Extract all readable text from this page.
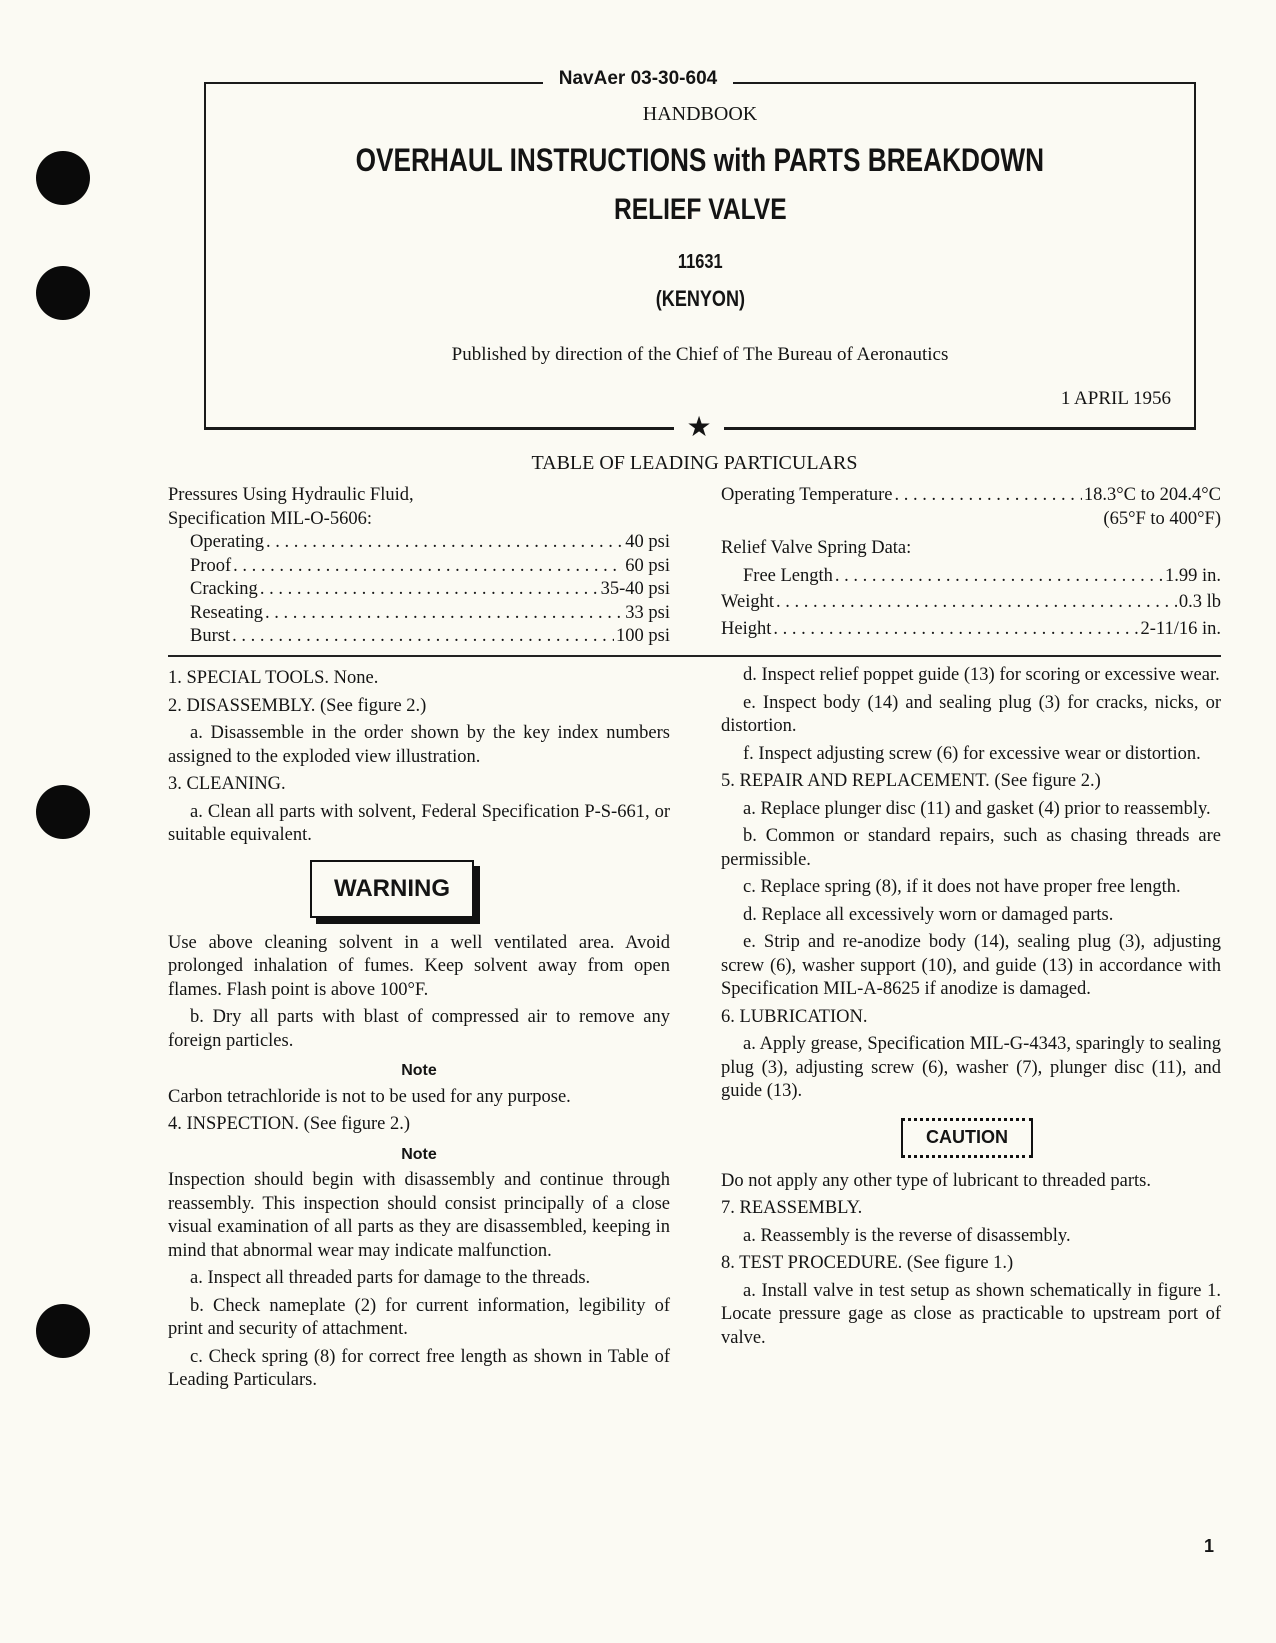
NavAer 03-30-604
HANDBOOK
OVERHAUL INSTRUCTIONS with PARTS BREAKDOWN
RELIEF VALVE
11631
(KENYON)
Published by direction of the Chief of The Bureau of Aeronautics
1 APRIL 1956
★
TABLE OF LEADING PARTICULARS
Pressures Using Hydraulic Fluid,
Specification MIL-O-5606:
Operating . . .	40 psi
Proof . . .	60 psi
Cracking . . .	35-40 psi
Reseating . . .	33 psi
Burst . . .	100 psi
Operating Temperature . . .	18.3°C to 204.4°C
(65°F to 400°F)
Relief Valve Spring Data:
Free Length . . .	1.99 in.
Weight . . .	0.3 lb
Height . . .	2-11/16 in.

1. SPECIAL TOOLS. None.

2. DISASSEMBLY. (See figure 2.)

a. Disassemble in the order shown by the key index numbers assigned to the exploded view illustration.

3. CLEANING.

a. Clean all parts with solvent, Federal Specification P-S-661, or suitable equivalent.

WARNING

Use above cleaning solvent in a well ventilated area. Avoid prolonged inhalation of fumes. Keep solvent away from open flames. Flash point is above 100°F.

b. Dry all parts with blast of compressed air to remove any foreign particles.

Note

Carbon tetrachloride is not to be used for any purpose.

4. INSPECTION. (See figure 2.)

Note

Inspection should begin with disassembly and continue through reassembly. This inspection should consist principally of a close visual examination of all parts as they are disassembled, keeping in mind that abnormal wear may indicate malfunction.

a. Inspect all threaded parts for damage to the threads.

b. Check nameplate (2) for current information, legibility of print and security of attachment.

c. Check spring (8) for correct free length as shown in Table of Leading Particulars.

d. Inspect relief poppet guide (13) for scoring or excessive wear.

e. Inspect body (14) and sealing plug (3) for cracks, nicks, or distortion.

f. Inspect adjusting screw (6) for excessive wear or distortion.

5. REPAIR AND REPLACEMENT. (See figure 2.)

a. Replace plunger disc (11) and gasket (4) prior to reassembly.

b. Common or standard repairs, such as chasing threads are permissible.

c. Replace spring (8), if it does not have proper free length.

d. Replace all excessively worn or damaged parts.

e. Strip and re-anodize body (14), sealing plug (3), adjusting screw (6), washer support (10), and guide (13) in accordance with Specification MIL-A-8625 if anodize is damaged.

6. LUBRICATION.

a. Apply grease, Specification MIL-G-4343, sparingly to sealing plug (3), adjusting screw (6), washer (7), plunger disc (11), and guide (13).

CAUTION

Do not apply any other type of lubricant to threaded parts.

7. REASSEMBLY.

a. Reassembly is the reverse of disassembly.

8. TEST PROCEDURE. (See figure 1.)

a. Install valve in test setup as shown schematically in figure 1. Locate pressure gage as close as practicable to upstream port of valve.

1
